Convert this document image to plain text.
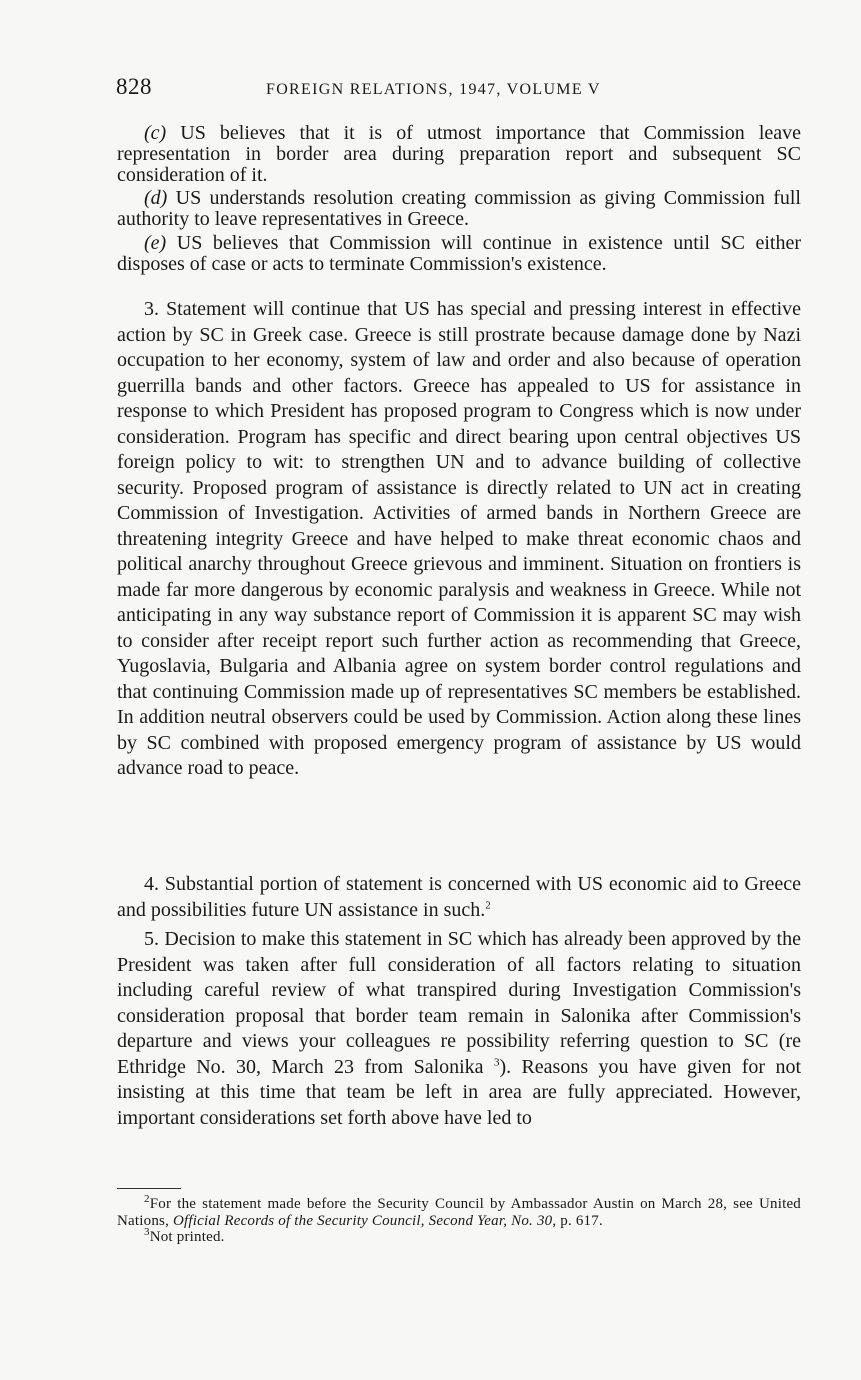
828	FOREIGN RELATIONS, 1947, VOLUME V

(c) US believes that it is of utmost importance that Commission leave representation in border area during preparation report and subsequent SC consideration of it.

(d) US understands resolution creating commission as giving Commission full authority to leave representatives in Greece.

(e) US believes that Commission will continue in existence until SC either disposes of case or acts to terminate Commission's existence.

3. Statement will continue that US has special and pressing interest in effective action by SC in Greek case. Greece is still prostrate because damage done by Nazi occupation to her economy, system of law and order and also because of operation guerrilla bands and other factors. Greece has appealed to US for assistance in response to which President has proposed program to Congress which is now under consideration. Program has specific and direct bearing upon central objectives US foreign policy to wit: to strengthen UN and to advance building of collective security. Proposed program of assistance is directly related to UN act in creating Commission of Investigation. Activities of armed bands in Northern Greece are threatening integrity Greece and have helped to make threat economic chaos and political anarchy throughout Greece grievous and imminent. Situation on frontiers is made far more dangerous by economic paralysis and weakness in Greece. While not anticipating in any way substance report of Commission it is apparent SC may wish to consider after receipt report such further action as recommending that Greece, Yugoslavia, Bulgaria and Albania agree on system border control regulations and that continuing Commission made up of representatives SC members be established. In addition neutral observers could be used by Commission. Action along these lines by SC combined with proposed emergency program of assistance by US would advance road to peace.

4. Substantial portion of statement is concerned with US economic aid to Greece and possibilities future UN assistance in such.$^2$

5. Decision to make this statement in SC which has already been approved by the President was taken after full consideration of all factors relating to situation including careful review of what transpired during Investigation Commission's consideration proposal that border team remain in Salonika after Commission's departure and views your colleagues re possibility referring question to SC (re Ethridge No. 30, March 23 from Salonika $^3$). Reasons you have given for not insisting at this time that team be left in area are fully appreciated. However, important considerations set forth above have led to

$^2$For the statement made before the Security Council by Ambassador Austin on March 28, see United Nations, Official Records of the Security Council, Second Year, No. 30, p. 617.

$^3$Not printed.
